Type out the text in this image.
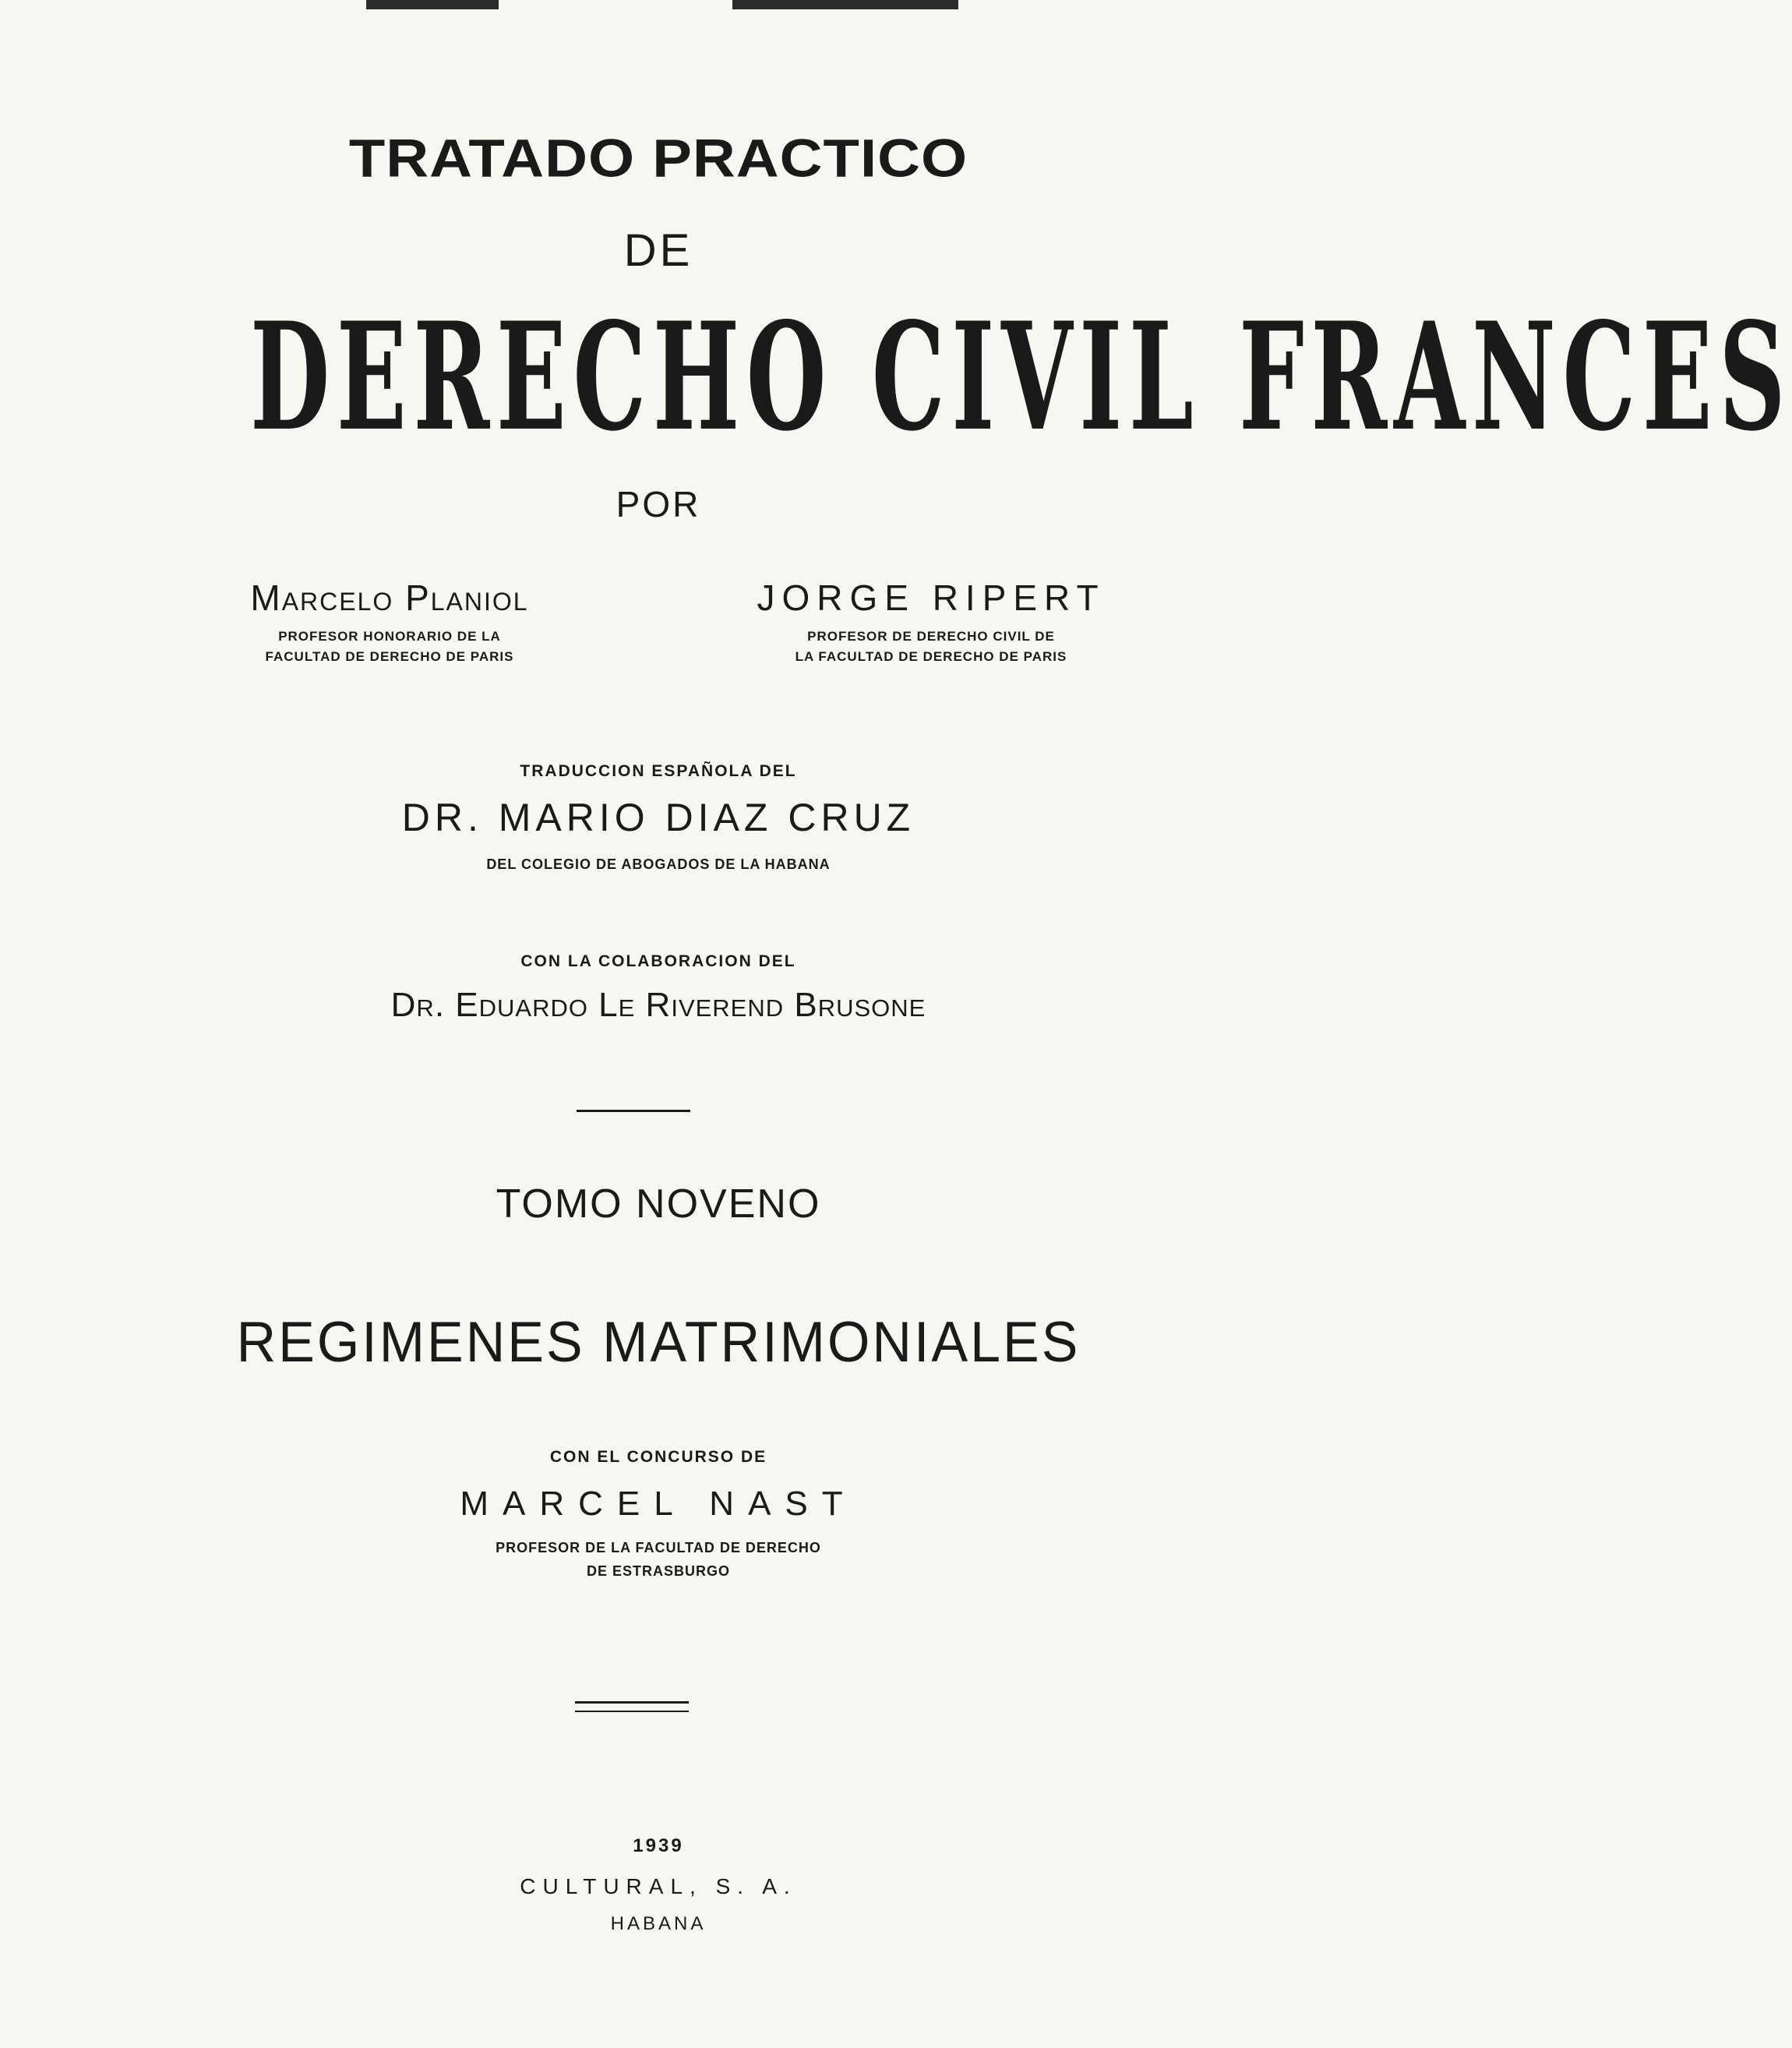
TRATADO PRACTICO
DE
DERECHO CIVIL FRANCES
POR
Marcelo Planiol
PROFESOR HONORARIO DE LA
FACULTAD DE DERECHO DE PARIS
JORGE RIPERT
PROFESOR DE DERECHO CIVIL DE
LA FACULTAD DE DERECHO DE PARIS
TRADUCCION ESPAÑOLA DEL
DR. MARIO DIAZ CRUZ
DEL COLEGIO DE ABOGADOS DE LA HABANA
CON LA COLABORACION DEL
Dr. Eduardo Le Riverend Brusone
TOMO NOVENO
REGIMENES MATRIMONIALES
CON EL CONCURSO DE
MARCEL NAST
PROFESOR DE LA FACULTAD DE DERECHO
DE ESTRASBURGO
1939
CULTURAL, S. A.
HABANA
